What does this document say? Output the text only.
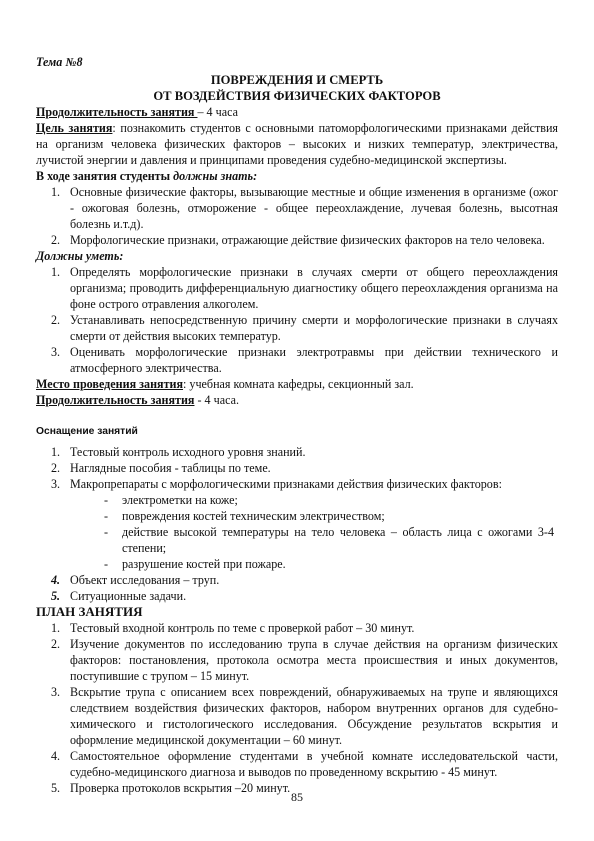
Тема №8

ПОВРЕЖДЕНИЯ И СМЕРТЬ

ОТ ВОЗДЕЙСТВИЯ ФИЗИЧЕСКИХ ФАКТОРОВ

Продолжительность занятия – 4 часа

Цель занятия: познакомить студентов с основными патоморфологическими признаками действия на организм человека физических факторов – высоких и низких температур, электричества, лучистой энергии и давления и принципами проведения судебно-медицинской экспертизы.

В ходе занятия студенты должны знать:

1. Основные физические факторы, вызывающие местные и общие изменения в организме (ожог - ожоговая болезнь, отморожение - общее переохлаждение, лучевая болезнь, высотная болезнь и.т.д).
2. Морфологические признаки, отражающие действие физических факторов на тело человека.

Должны уметь:

1. Определять морфологические признаки в случаях смерти от общего переохлаждения организма; проводить дифференциальную диагностику общего переохлаждения организма на фоне острого отравления алкоголем.
2. Устанавливать непосредственную причину смерти и морфологические признаки в случаях смерти от действия высоких температур.
3. Оценивать морфологические признаки электротравмы при действии технического и атмосферного электричества.

Место проведения занятия: учебная комната кафедры, секционный зал.

Продолжительность занятия - 4 часа.

Оснащение занятий

1. Тестовый контроль исходного уровня знаний.
2. Наглядные пособия - таблицы по теме.
3. Макропрепараты с морфологическими признаками действия физических факторов:
- электрометки на коже;
- повреждения костей техническим электричеством;
- действие высокой температуры на тело человека – область лица с ожогами 3-4 степени;
- разрушение костей при пожаре.
4. Объект исследования – труп.
5. Ситуационные задачи.

ПЛАН ЗАНЯТИЯ

1. Тестовый входной контроль по теме с проверкой работ – 30 минут.
2. Изучение документов по исследованию трупа в случае действия на организм физических факторов: постановления, протокола осмотра места происшествия и иных документов, поступившие с трупом – 15 минут.
3. Вскрытие трупа с описанием всех повреждений, обнаруживаемых на трупе и являющихся следствием воздействия физических факторов, набором внутренних органов для судебно-химического и гистологического исследования. Обсуждение результатов вскрытия и оформление медицинской документации – 60 минут.
4. Самостоятельное оформление студентами в учебной комнате исследовательской части, судебно-медицинского диагноза и выводов по проведенному вскрытию - 45 минут.
5. Проверка протоколов вскрытия –20 минут.
85
